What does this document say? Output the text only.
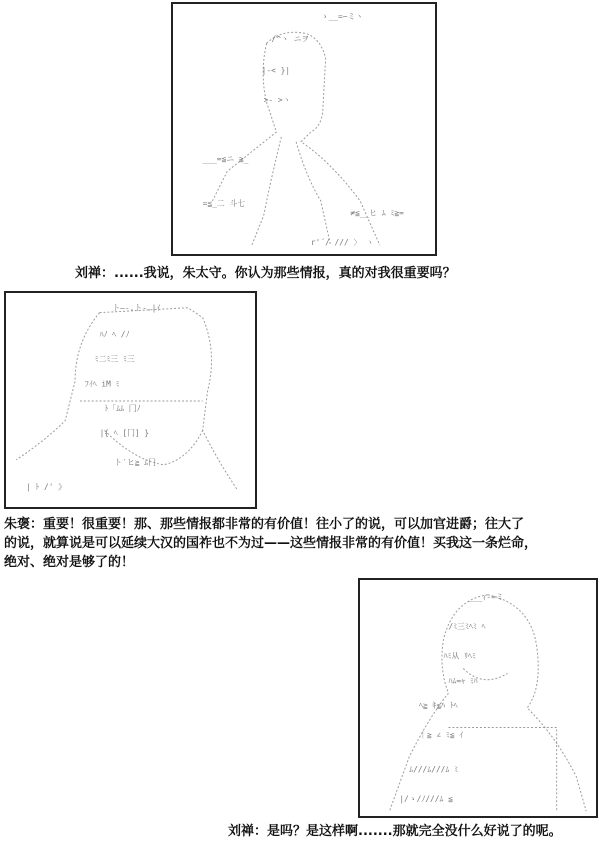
ゝ__=~ミヽ
/^ヽ ニヲ
|-< }|
>- >ヽ
___=≦ニ ≧_
=≦_二 斗七
≠≦__ヒ ﾑ ﾐ≧=
r'´/ /// 〉 ヽ
刘禅：......我说，朱太守。你认为那些情报，真的对我很重要吗？
ト―‐.ト‐.|ｲ
ﾊﾉ ﾍ /ﾉ
ﾐ二ﾐ三 ﾐ三
ﾌｲﾍ iM ﾐ
ﾄ「ﾑﾑ 冂ﾉ
|{ ﾍ [冂] }
ト′ヒ≧ ﾑ冂
| ﾄ /' 》
朱褒：重要！很重要！那、那些情报都非常的有价值！往小了的说，可以加官进爵；往大了
的说，就算说是可以延续大汉的国祚也不为过——这些情报非常的有价值！买我这一条烂命，
绝对、绝对是够了的！
___ｨ-=ミ
/ﾐ三ﾐﾍﾐ ﾍ
ﾊﾐ从 ﾘﾍﾐ
ﾊﾑ=ｬ ﾐﾊ
ﾍ≧ ｷ≦ﾊ ﾄﾍ
｜≧ ∠ ﾐ≦ ｲ
ﾑ///ﾑ///ﾑ ﾐ
|/ゝ/ﾉ///ﾑ ≦
刘禅：是吗？是这样啊.......那就完全没什么好说了的呢。
